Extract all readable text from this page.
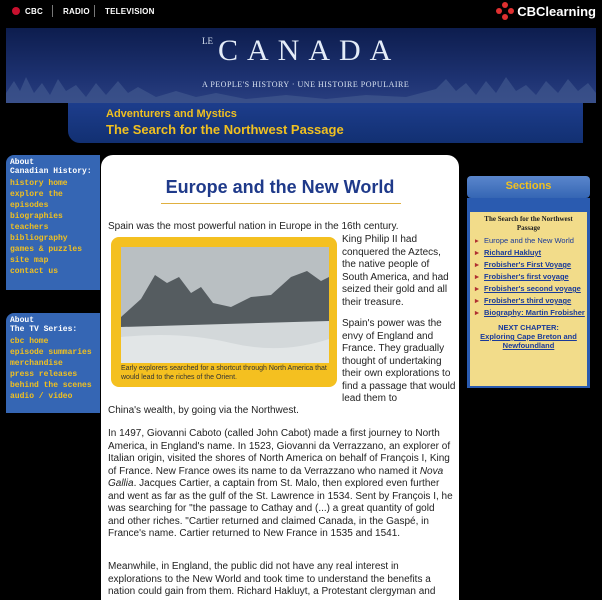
CBC	RADIO TELEVISION	CBClearning
LE CANADA
A PEOPLE'S HISTORY · UNE HISTOIRE POPULAIRE
Adventurers and Mystics
The Search for the Northwest Passage
About
Canadian History:
history home
explore the episodes
biographies
teachers
bibliography
games & puzzles
site map
contact us
About
The TV Series:
cbc home
episode summaries
merchandise
press releases
behind the scenes
audio / video
Europe and the New World
Spain was the most powerful nation in Europe in the 16th century.
Early explorers searched for a shortcut through North America that would lead to the riches of the Orient.
King Philip II had conquered the Aztecs, the native people of South America, and had seized their gold and all their treasure.
Spain's power was the envy of England and France. They gradually thought of undertaking their own explorations to find a passage that would lead them to
China's wealth, by going via the Northwest.
In 1497, Giovanni Caboto (called John Cabot) made a first journey to North America, in England's name. In 1523, Giovanni da Verrazzano, an explorer of Italian origin, visited the shores of North America on behalf of François I, King of France. New France owes its name to da Verrazzano who named it Nova Gallia. Jacques Cartier, a captain from St. Malo, then explored even further and went as far as the gulf of the St. Lawrence in 1534. Sent by François I, he was searching for "the passage to Cathay and (...) a great quantity of gold and other riches. "Cartier returned and claimed Canada, in the Gaspé, in France's name. Cartier returned to New France in 1535 and 1541.
Meanwhile, in England, the public did not have any real interest in explorations to the New World and took time to understand the benefits a nation could gain from them. Richard Hakluyt, a Protestant clergyman and
Sections
The Search for the Northwest Passage
▸ Europe and the New World
▸ Richard Hakluyt
▸ Frobisher's First Voyage
▸ Frobisher's first voyage
▸ Frobisher's second voyage
▸ Frobisher's third voyage
▸ Biography: Martin Frobisher
NEXT CHAPTER:
Exploring Cape Breton and Newfoundland
